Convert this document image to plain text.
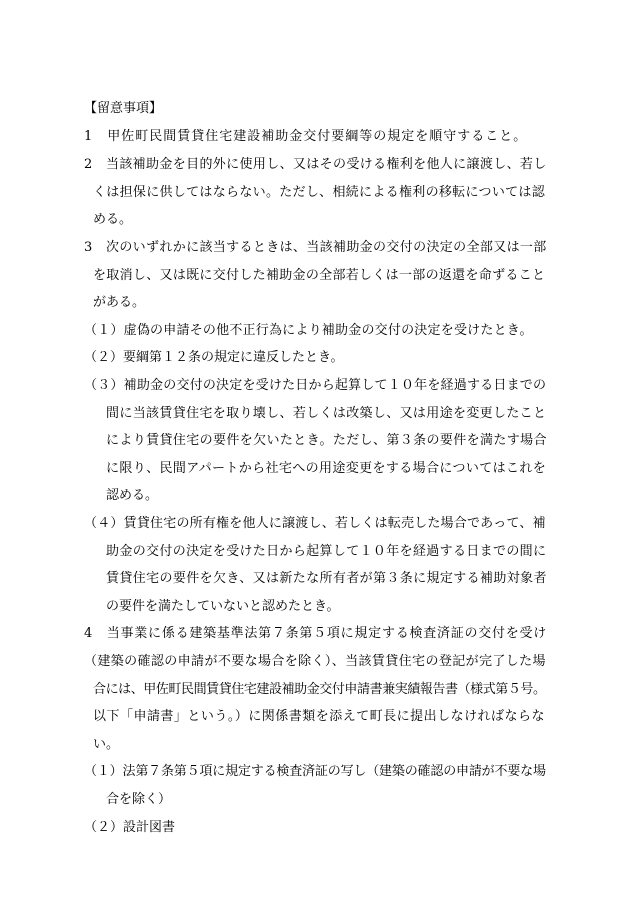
【留意事項】
1　甲佐町民間賃貸住宅建設補助金交付要綱等の規定を順守すること。
2　当該補助金を目的外に使用し、又はその受ける権利を他人に譲渡し、若し
くは担保に供してはならない。ただし、相続による権利の移転については認
める。
3　次のいずれかに該当するときは、当該補助金の交付の決定の全部又は一部
を取消し、又は既に交付した補助金の全部若しくは一部の返還を命ずること
がある。
（１）虚偽の申請その他不正行為により補助金の交付の決定を受けたとき。
（２）要綱第１２条の規定に違反したとき。
（３）補助金の交付の決定を受けた日から起算して１０年を経過する日までの
間に当該賃貸住宅を取り壊し、若しくは改築し、又は用途を変更したこと
により賃貸住宅の要件を欠いたとき。ただし、第３条の要件を満たす場合
に限り、民間アパートから社宅への用途変更をする場合についてはこれを
認める。
（４）賃貸住宅の所有権を他人に譲渡し、若しくは転売した場合であって、補
助金の交付の決定を受けた日から起算して１０年を経過する日までの間に
賃貸住宅の要件を欠き、又は新たな所有者が第３条に規定する補助対象者
の要件を満たしていないと認めたとき。
4　当事業に係る建築基準法第７条第５項に規定する検査済証の交付を受け
（建築の確認の申請が不要な場合を除く）、当該賃貸住宅の登記が完了した場
合には、甲佐町民間賃貸住宅建設補助金交付申請書兼実績報告書（様式第５号。
以下「申請書」という。）に関係書類を添えて町長に提出しなければならな
い。
（１）法第７条第５項に規定する検査済証の写し（建築の確認の申請が不要な場
合を除く）
（２）設計図書
